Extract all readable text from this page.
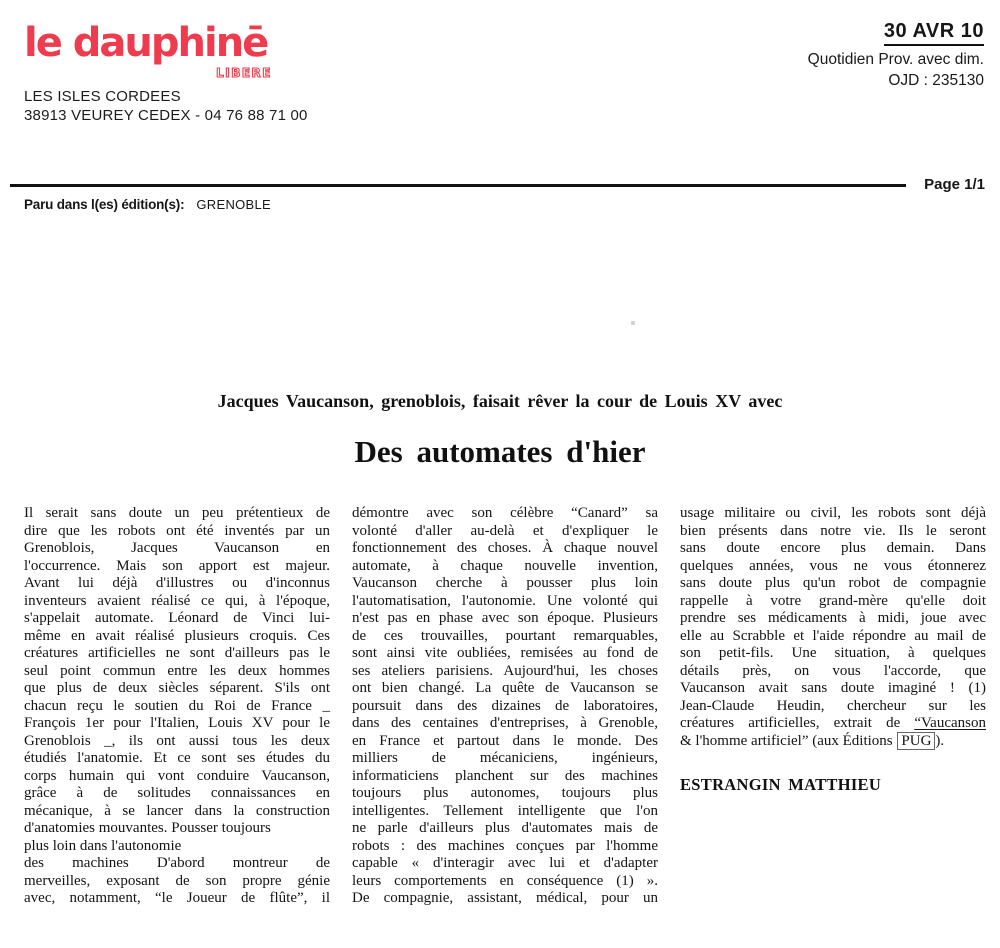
le dauphinē
LIBERE
LES ISLES CORDEES
38913 VEUREY CEDEX - 04 76 88 71 00
30 AVR 10
Quotidien Prov. avec dim.
OJD : 235130
Page 1/1
Paru dans l(es) édition(s): GRENOBLE
Jacques Vaucanson, grenoblois, faisait rêver la cour de Louis XV avec
Des automates d'hier
Il serait sans doute un peu prétentieux de
dire que les robots ont été inventés par un
Grenoblois, Jacques Vaucanson en
l'occurrence. Mais son apport est majeur.
Avant lui déjà d'illustres ou d'inconnus
inventeurs avaient réalisé ce qui, à l'époque,
s'appelait automate. Léonard de Vinci lui-
même en avait réalisé plusieurs croquis. Ces
créatures artificielles ne sont d'ailleurs pas le
seul point commun entre les deux hommes
que plus de deux siècles séparent. S'ils ont
chacun reçu le soutien du Roi de France _
François 1er pour l'Italien, Louis XV pour le
Grenoblois _, ils ont aussi tous les deux
étudiés l'anatomie. Et ce sont ses études du
corps humain qui vont conduire Vaucanson,
grâce à de solitudes connaissances en
mécanique, à se lancer dans la construction
d'anatomies mouvantes. Pousser toujours
plus loin dans l'autonomie
des machines D'abord montreur de
merveilles, exposant de son propre génie
avec, notamment, “le Joueur de flûte”, il
démontre avec son célèbre “Canard” sa
volonté d'aller au-delà et d'expliquer le
fonctionnement des choses. À chaque nouvel
automate, à chaque nouvelle invention,
Vaucanson cherche à pousser plus loin
l'automatisation, l'autonomie. Une volonté qui
n'est pas en phase avec son époque. Plusieurs
de ces trouvailles, pourtant remarquables,
sont ainsi vite oubliées, remisées au fond de
ses ateliers parisiens. Aujourd'hui, les choses
ont bien changé. La quête de Vaucanson se
poursuit dans des dizaines de laboratoires,
dans des centaines d'entreprises, à Grenoble,
en France et partout dans le monde. Des
milliers de mécaniciens, ingénieurs,
informaticiens planchent sur des machines
toujours plus autonomes, toujours plus
intelligentes. Tellement intelligente que l'on
ne parle d'ailleurs plus d'automates mais de
robots : des machines conçues par l'homme
capable « d'interagir avec lui et d'adapter
leurs comportements en conséquence (1) ».
De compagnie, assistant, médical, pour un
usage militaire ou civil, les robots sont déjà
bien présents dans notre vie. Ils le seront
sans doute encore plus demain. Dans
quelques années, vous ne vous étonnerez
sans doute plus qu'un robot de compagnie
rappelle à votre grand-mère qu'elle doit
prendre ses médicaments à midi, joue avec
elle au Scrabble et l'aide répondre au mail de
son petit-fils. Une situation, à quelques
détails près, on vous l'accorde, que
Vaucanson avait sans doute imaginé ! (1)
Jean-Claude Heudin, chercheur sur les
créatures artificielles, extrait de “Vaucanson
& l'homme artificiel” (aux Éditions PUG ).
ESTRANGIN MATTHIEU
